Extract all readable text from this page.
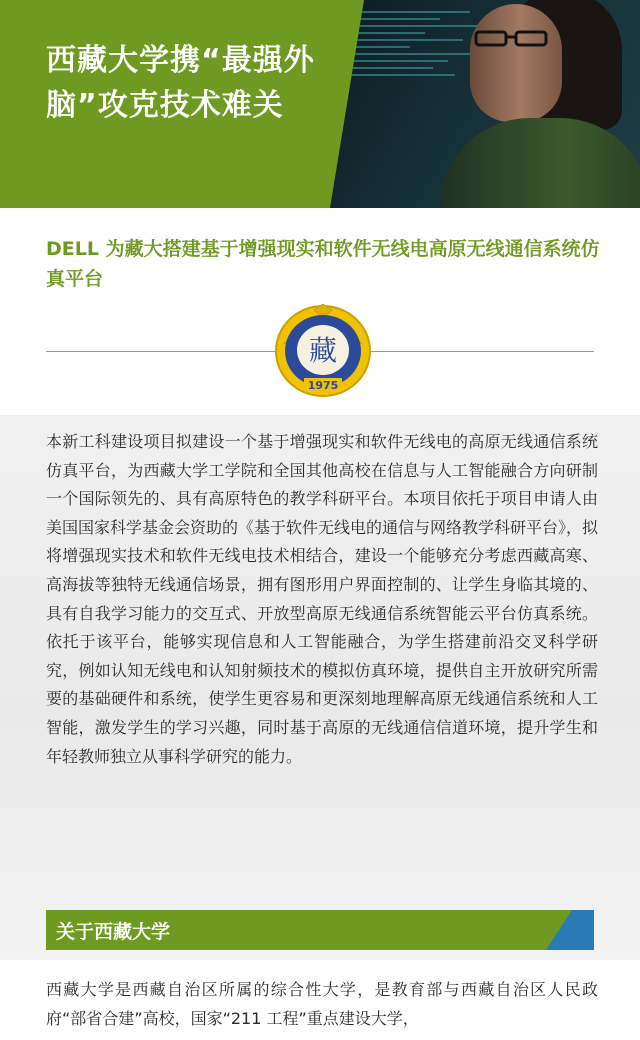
西藏大学携“最强外脑”攻克技术难关
DELL 为藏大搭建基于增强现实和软件无线电高原无线通信系统仿真平台
藏
1975
本新工科建设项目拟建设一个基于增强现实和软件无线电的高原无线通信系统仿真平台，为西藏大学工学院和全国其他高校在信息与人工智能融合方向研制一个国际领先的、具有高原特色的教学科研平台。本项目依托于项目申请人由美国国家科学基金会资助的《基于软件无线电的通信与网络教学科研平台》，拟将增强现实技术和软件无线电技术相结合，建设一个能够充分考虑西藏高寒、高海拔等独特无线通信场景，拥有图形用户界面控制的、让学生身临其境的、具有自我学习能力的交互式、开放型高原无线通信系统智能云平台仿真系统。依托于该平台，能够实现信息和人工智能融合，为学生搭建前沿交叉科学研究，例如认知无线电和认知射频技术的模拟仿真环境，提供自主开放研究所需要的基础硬件和系统，使学生更容易和更深刻地理解高原无线通信系统和人工智能，激发学生的学习兴趣，同时基于高原的无线通信信道环境，提升学生和年轻教师独立从事科学研究的能力。
关于西藏大学
西藏大学是西藏自治区所属的综合性大学，是教育部与西藏自治区人民政府“部省合建”高校，国家“211 工程”重点建设大学，
